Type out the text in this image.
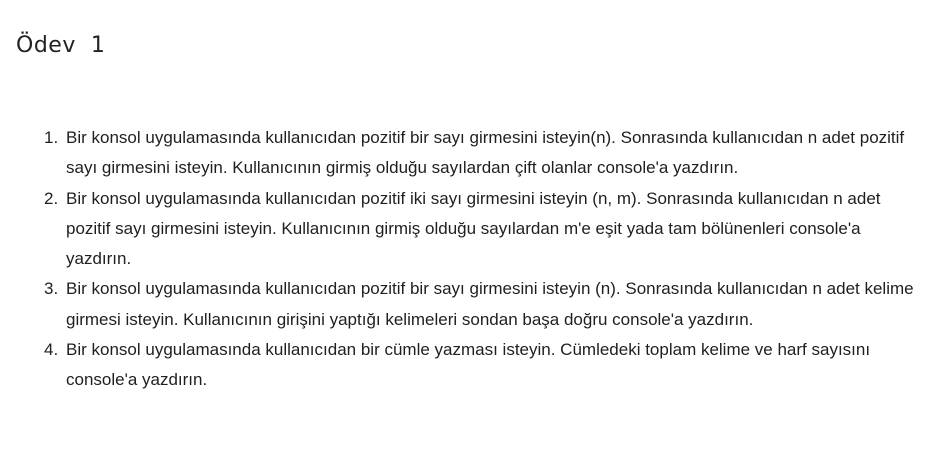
Ödev  1
1. Bir konsol uygulamasında kullanıcıdan pozitif bir sayı girmesini isteyin(n). Sonrasında kullanıcıdan n adet pozitif sayı girmesini isteyin. Kullanıcının girmiş olduğu sayılardan çift olanlar console'a yazdırın.
2. Bir konsol uygulamasında kullanıcıdan pozitif iki sayı girmesini isteyin (n, m). Sonrasında kullanıcıdan n adet pozitif sayı girmesini isteyin. Kullanıcının girmiş olduğu sayılardan m'e eşit yada tam bölünenleri console'a yazdırın.
3. Bir konsol uygulamasında kullanıcıdan pozitif bir sayı girmesini isteyin (n). Sonrasında kullanıcıdan n adet kelime girmesi isteyin. Kullanıcının girişini yaptığı kelimeleri sondan başa doğru console'a yazdırın.
4. Bir konsol uygulamasında kullanıcıdan bir cümle yazması isteyin. Cümledeki toplam kelime ve harf sayısını console'a yazdırın.
